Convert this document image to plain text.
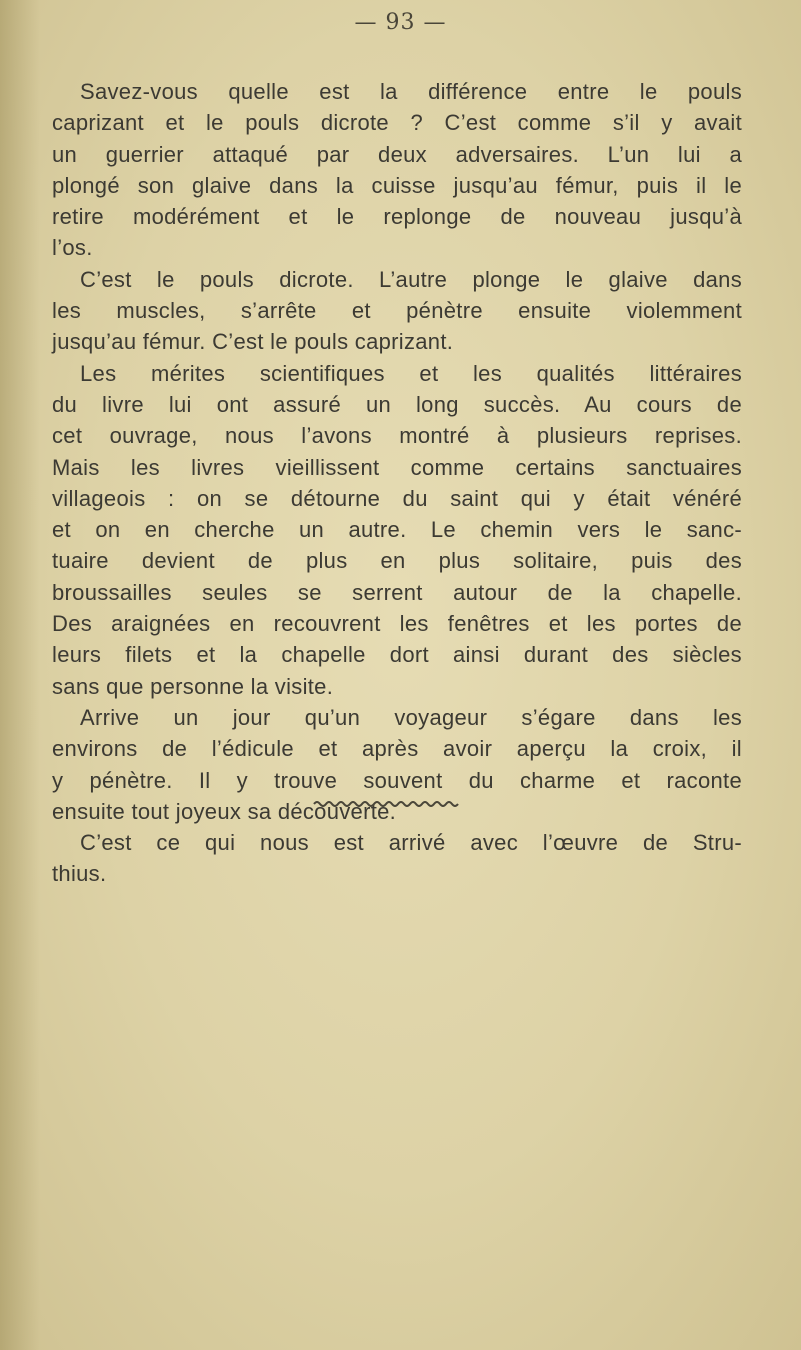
— 93 —
Savez-vous quelle est la différence entre le pouls
caprizant et le pouls dicrote ? C’est comme s’il y avait
un guerrier attaqué par deux adversaires. L’un lui a
plongé son glaive dans la cuisse jusqu’au fémur, puis il le
retire modérément et le replonge de nouveau jusqu’à
l’os.
C’est le pouls dicrote. L’autre plonge le glaive dans
les muscles, s’arrête et pénètre ensuite violemment
jusqu’au fémur. C’est le pouls caprizant.
Les mérites scientifiques et les qualités littéraires
du livre lui ont assuré un long succès. Au cours de
cet ouvrage, nous l’avons montré à plusieurs reprises.
Mais les livres vieillissent comme certains sanctuaires
villageois : on se détourne du saint qui y était vénéré
et on en cherche un autre. Le chemin vers le sanc-
tuaire devient de plus en plus solitaire, puis des
broussailles seules se serrent autour de la chapelle.
Des araignées en recouvrent les fenêtres et les portes de
leurs filets et la chapelle dort ainsi durant des siècles
sans que personne la visite.
Arrive un jour qu’un voyageur s’égare dans les
environs de l’édicule et après avoir aperçu la croix, il
y pénètre. Il y trouve souvent du charme et raconte
ensuite tout joyeux sa découverte.
C’est ce qui nous est arrivé avec l’œuvre de Stru-
thius.
